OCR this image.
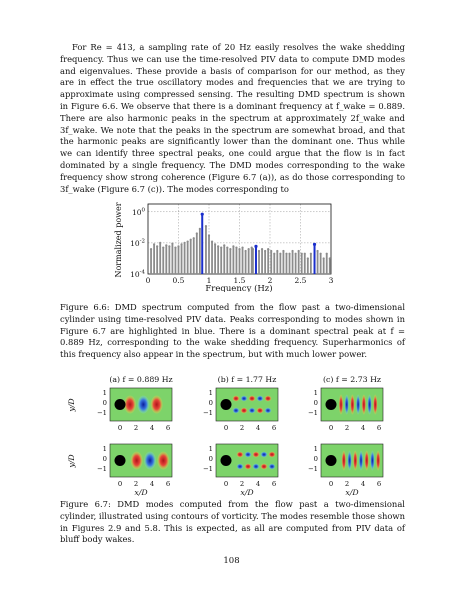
For Re = 413, a sampling rate of 20 Hz easily resolves the wake shedding frequency. Thus we can use the time-resolved PIV data to compute DMD modes and eigenvalues. These provide a basis of comparison for our method, as they are in effect the true oscillatory modes and frequencies that we are trying to approximate using compressed sensing. The resulting DMD spectrum is shown in Figure 6.6. We observe that there is a dominant frequency at f_wake = 0.889. There are also harmonic peaks in the spectrum at approximately 2f_wake and 3f_wake. We note that the peaks in the spectrum are somewhat broad, and that the harmonic peaks are significantly lower than the dominant one. Thus while we can identify three spectral peaks, one could argue that the flow is in fact dominated by a single frequency. The DMD modes corresponding to the wake frequency show strong coherence (Figure 6.7 (a)), as do those corresponding to 3f_wake (Figure 6.7 (c)). The modes corresponding to
0	0.5	1	1.5	2	2.5	3
$10^0$
$10^{-2}$
$10^{-4}$
Frequency (Hz)
Normalized power
Figure 6.6: DMD spectrum computed from the flow past a two-dimensional cylinder using time-resolved PIV data. Peaks corresponding to modes shown in Figure 6.7 are highlighted in blue. There is a dominant spectral peak at f = 0.889 Hz, corresponding to the wake shedding frequency. Superharmonics of this frequency also appear in the spectrum, but with much lower power.
(a) f = 0.889 Hz
1
0
−1
0 2 4 6
1
0
−1
0 2 4 6
x/D
(b) f = 1.77 Hz
1
0
−1
0 2 4 6
1
0
−1
0 2 4 6
x/D
(c) f = 2.73 Hz
1
0
−1
0 2 4 6
1
0
−1
0 2 4 6
x/D
y/D
y/D
Figure 6.7: DMD modes computed from the flow past a two-dimensional cylinder, illustrated using contours of vorticity. The modes resemble those shown in Figures 2.9 and 5.8. This is expected, as all are computed from PIV data of bluff body wakes.
108
